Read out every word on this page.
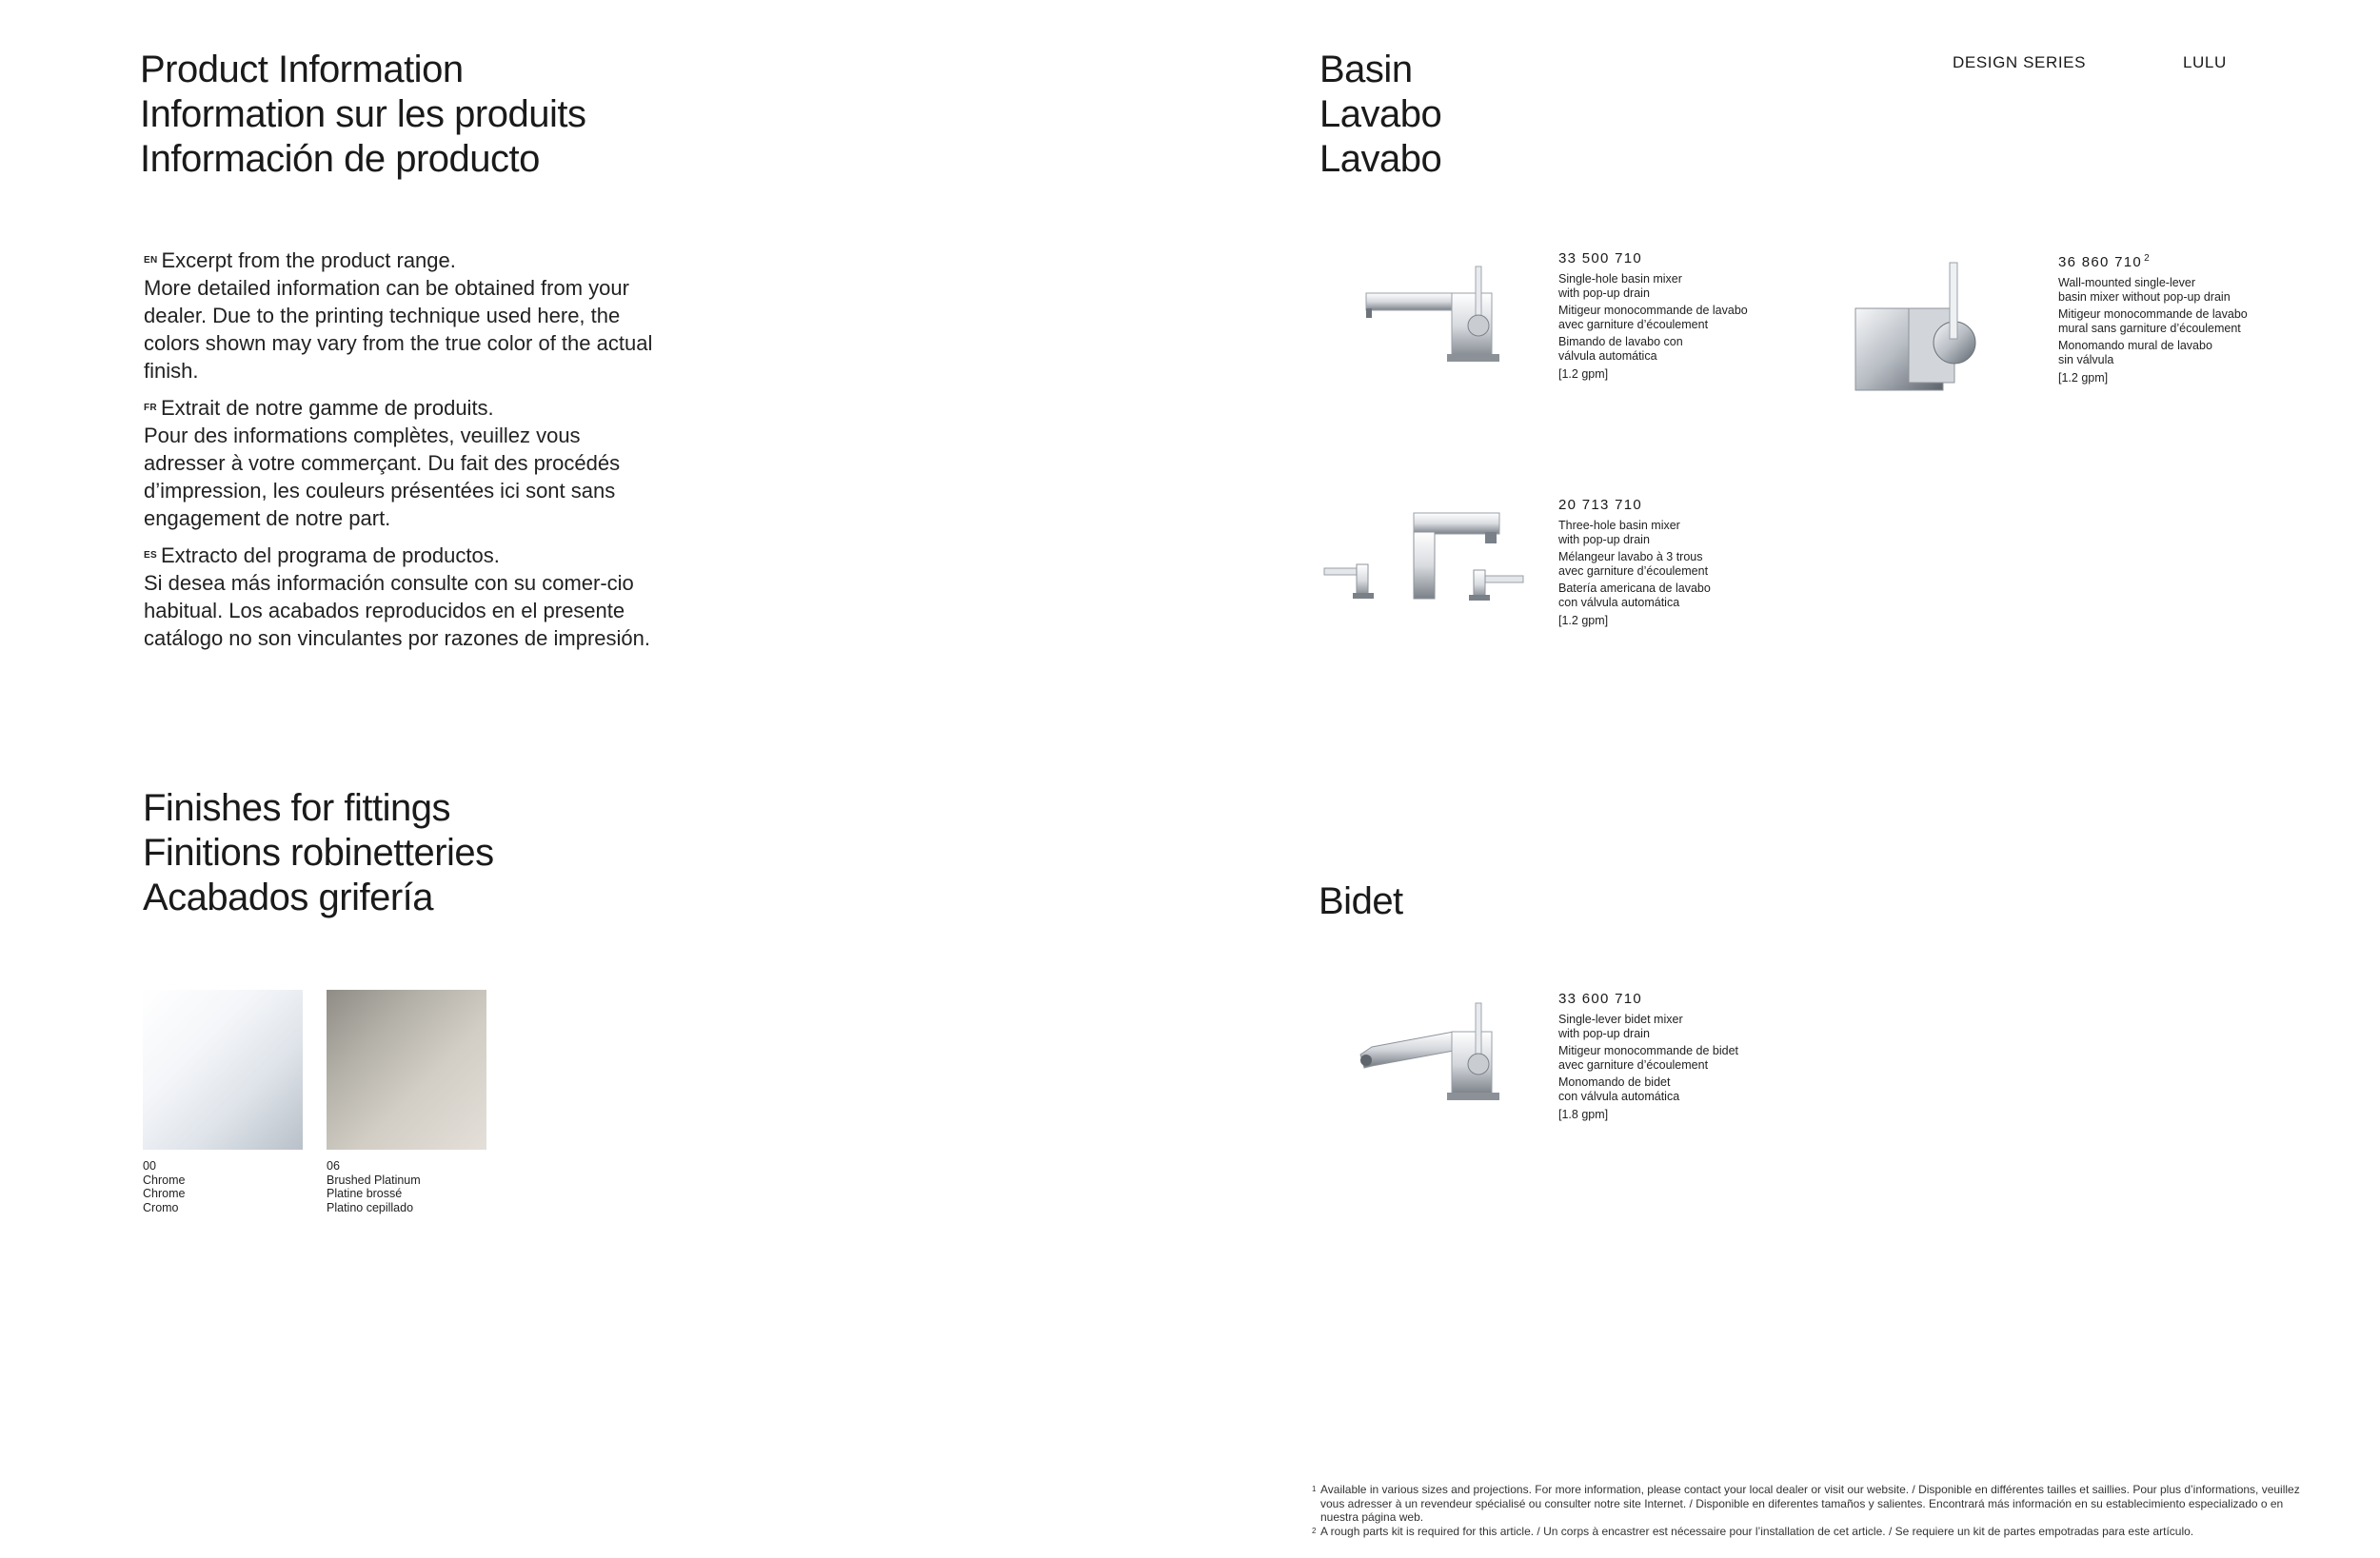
Product Information
Information sur les produits
Información de producto

$^{EN}$ Excerpt from the product range.
More detailed information can be obtained from your dealer. Due to the printing technique used here, the colors shown may vary from the true color of the actual finish.

$^{FR}$ Extrait de notre gamme de produits.
Pour des informations complètes, veuillez vous adresser à votre commerçant. Du fait des procédés d’impression, les couleurs présentées ici sont sans engagement de notre part.

$^{ES}$ Extracto del programa de productos.
Si desea más información consulte con su comer-cio habitual. Los acabados reproducidos en el presente catálogo no son vinculantes por razones de impresión.

Finishes for fittings
Finitions robinetteries
Acabados grifería
00
Chrome
Chrome
Cromo
06
Brushed Platinum
Platine brossé
Platino cepillado
Basin
Lavabo
Lavabo
DESIGN SERIES	LULU
33 500 710
Single-hole basin mixer
with pop-up drain
Mitigeur monocommande de lavabo
avec garniture d’écoulement
Bimando de lavabo con
válvula automática
[1.2 gpm]
36 860 710 $^2$
Wall-mounted single-lever
basin mixer without pop-up drain
Mitigeur monocommande de lavabo
mural sans garniture d’écoulement
Monomando mural de lavabo
sin válvula
[1.2 gpm]
20 713 710
Three-hole basin mixer
with pop-up drain
Mélangeur lavabo à 3 trous
avec garniture d’écoulement
Batería americana de lavabo
con válvula automática
[1.2 gpm]
Bidet
33 600 710
Single-lever bidet mixer
with pop-up drain
Mitigeur monocommande de bidet
avec garniture d’écoulement
Monomando de bidet
con válvula automática
[1.8 gpm]
1 Available in various sizes and projections. For more information, please contact your local dealer or visit our website. / Disponible en différentes tailles et saillies. Pour plus d’informations, veuillez vous adresser à un revendeur spécialisé ou consulter notre site Internet. / Disponible en diferentes tamaños y salientes. Encontrará más información en su establecimiento especializado o en nuestra página web.
2 A rough parts kit is required for this article. / Un corps à encastrer est nécessaire pour l’installation de cet article. / Se requiere un kit de partes empotradas para este artículo.
